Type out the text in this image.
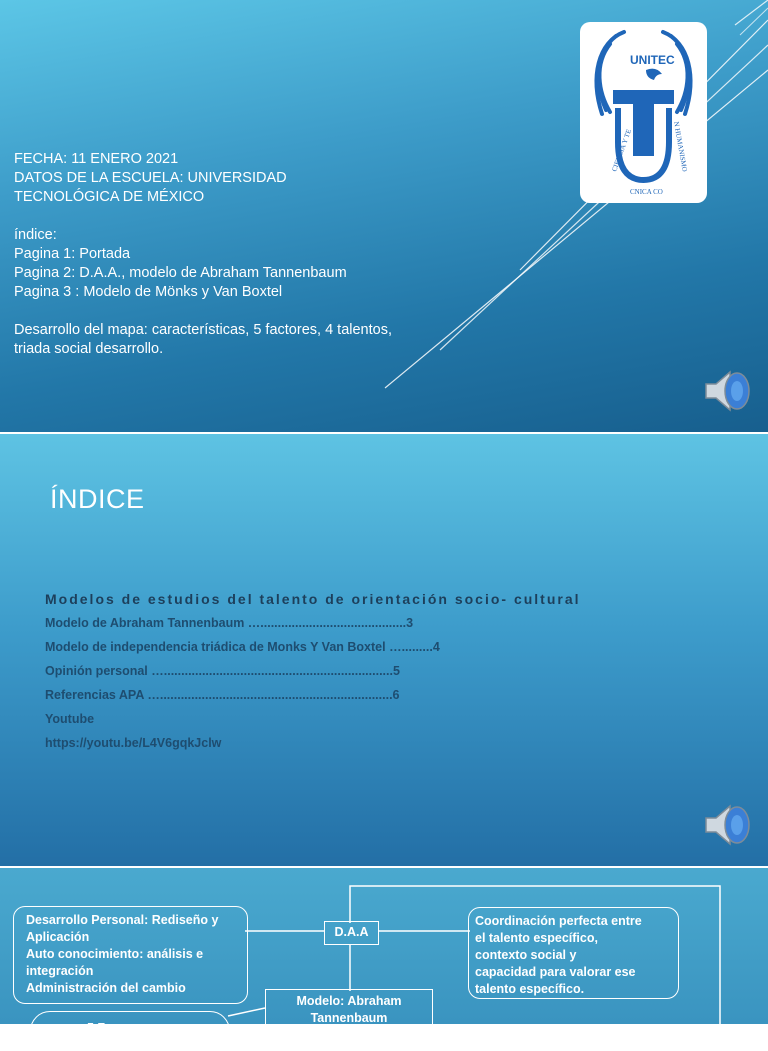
FECHA: 11 ENERO 2021

DATOS DE LA ESCUELA: UNIVERSIDAD

TECNOLÓGICA DE MÉXICO

índice:

Pagina 1: Portada

Pagina 2: D.A.A., modelo de Abraham Tannenbaum

Pagina 3 : Modelo de Mönks y Van Boxtel

Desarrollo del mapa: características, 5 factores, 4 talentos,

triada social desarrollo.

UNITEC
CIENCIA Y TE
CNICA CO
N HUMANISMO
ÍNDICE
Modelos de estudios del talento de orientación socio- cultural
Modelo de Abraham Tannenbaum …..........................................3
Modelo de independencia triádica de Monks Y Van Boxtel ….........4
Opinión personal …..................................................................5
Referencias APA …...................................................................6
Youtube
https://youtu.be/L4V6gqkJclw

Desarrollo Personal: Rediseño y

Aplicación

Auto conocimiento: análisis e

integración

Administración del cambio

D.A.A

Coordinación perfecta entre

el talento específico,

contexto social y

capacidad para valorar ese

talento específico.

Modelo: Abraham
Tannenbaum

5 Fa
